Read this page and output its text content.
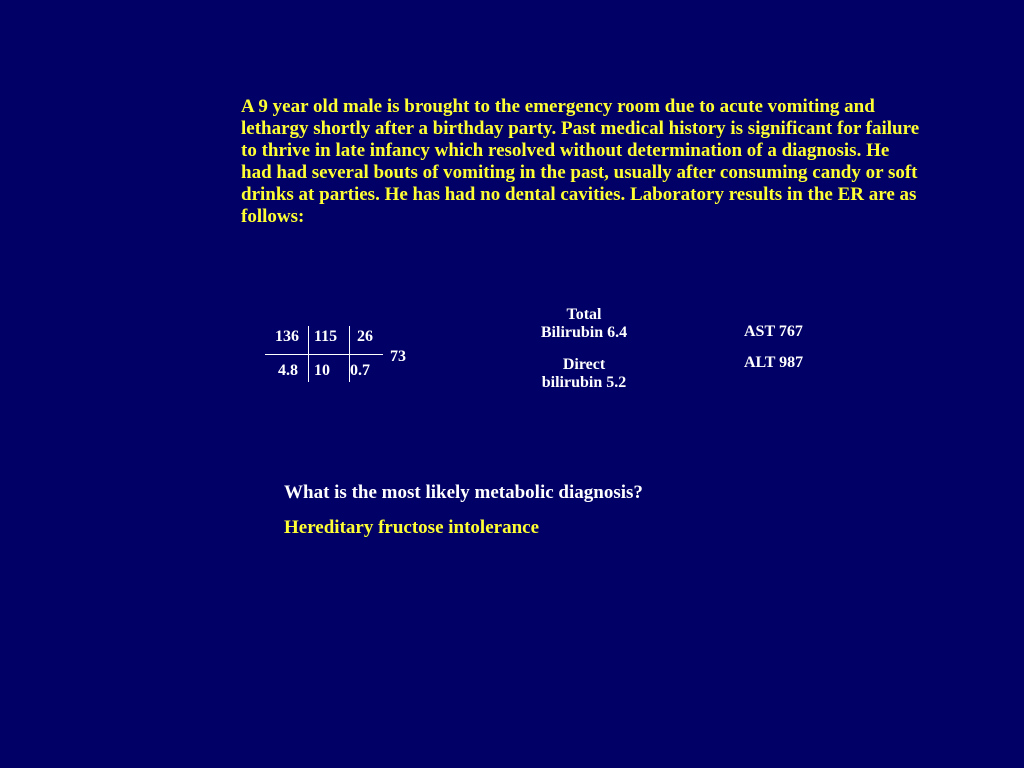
A 9 year old male is brought to the emergency room due to acute vomiting and lethargy shortly after a birthday party. Past medical history is significant for failure to thrive in late infancy which resolved without determination of a diagnosis. He had had several bouts of vomiting in the past, usually after consuming candy or soft drinks at parties. He has had no dental cavities. Laboratory results in the ER are as follows:
136 115 26
4.8 10 0.7
73
Total
Bilirubin 6.4
Direct
bilirubin 5.2
AST 767
ALT 987
What is the most likely metabolic diagnosis?
Hereditary fructose intolerance
